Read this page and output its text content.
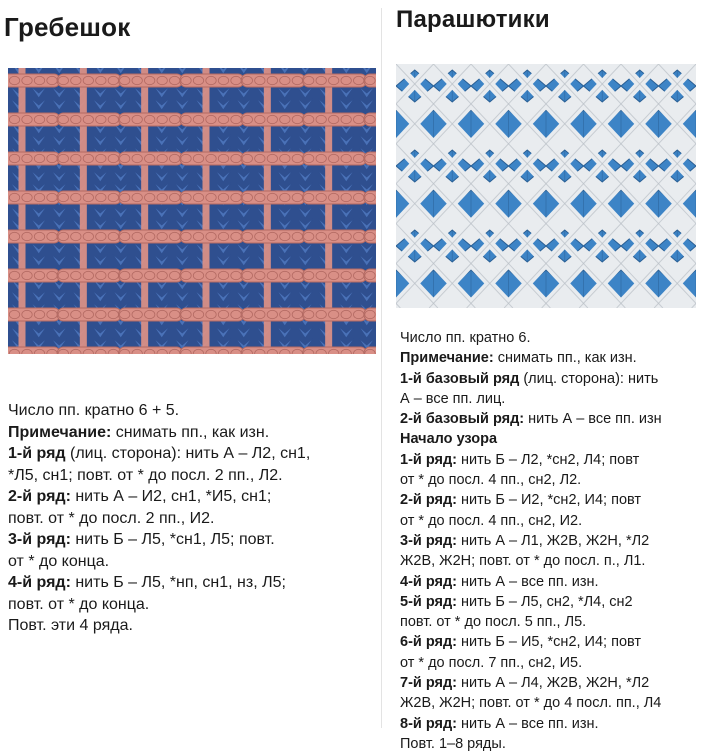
Гребешок
Число пп. кратно 6 + 5.
Примечание: снимать пп., как изн.
1-й ряд (лиц. сторона): нить А – Л2, сн1,
*Л5, сн1; повт. от * до посл. 2 пп., Л2.
2-й ряд: нить А – И2, сн1, *И5, сн1;
повт. от * до посл. 2 пп., И2.
3-й ряд: нить Б – Л5, *сн1, Л5; повт.
от * до конца.
4-й ряд: нить Б – Л5, *нп, сн1, нз, Л5;
повт. от * до конца.
Повт. эти 4 ряда.
Парашютики
Число пп. кратно 6.
Примечание: снимать пп., как изн.
1-й базовый ряд (лиц. сторона): нить
А – все пп. лиц.
2-й базовый ряд: нить А – все пп. изн
Начало узора
1-й ряд: нить Б – Л2, *сн2, Л4; повт
от * до посл. 4 пп., сн2, Л2.
2-й ряд: нить Б – И2, *сн2, И4; повт
от * до посл. 4 пп., сн2, И2.
3-й ряд: нить А – Л1, Ж2В, Ж2Н, *Л2
Ж2В, Ж2Н; повт. от * до посл. п., Л1.
4-й ряд: нить А – все пп. изн.
5-й ряд: нить Б – Л5, сн2, *Л4, сн2
повт. от * до посл. 5 пп., Л5.
6-й ряд: нить Б – И5, *сн2, И4; повт
от * до посл. 7 пп., сн2, И5.
7-й ряд: нить А – Л4, Ж2В, Ж2Н, *Л2
Ж2В, Ж2Н; повт. от * до 4 посл. пп., Л4
8-й ряд: нить А – все пп. изн.
Повт. 1–8 ряды.
